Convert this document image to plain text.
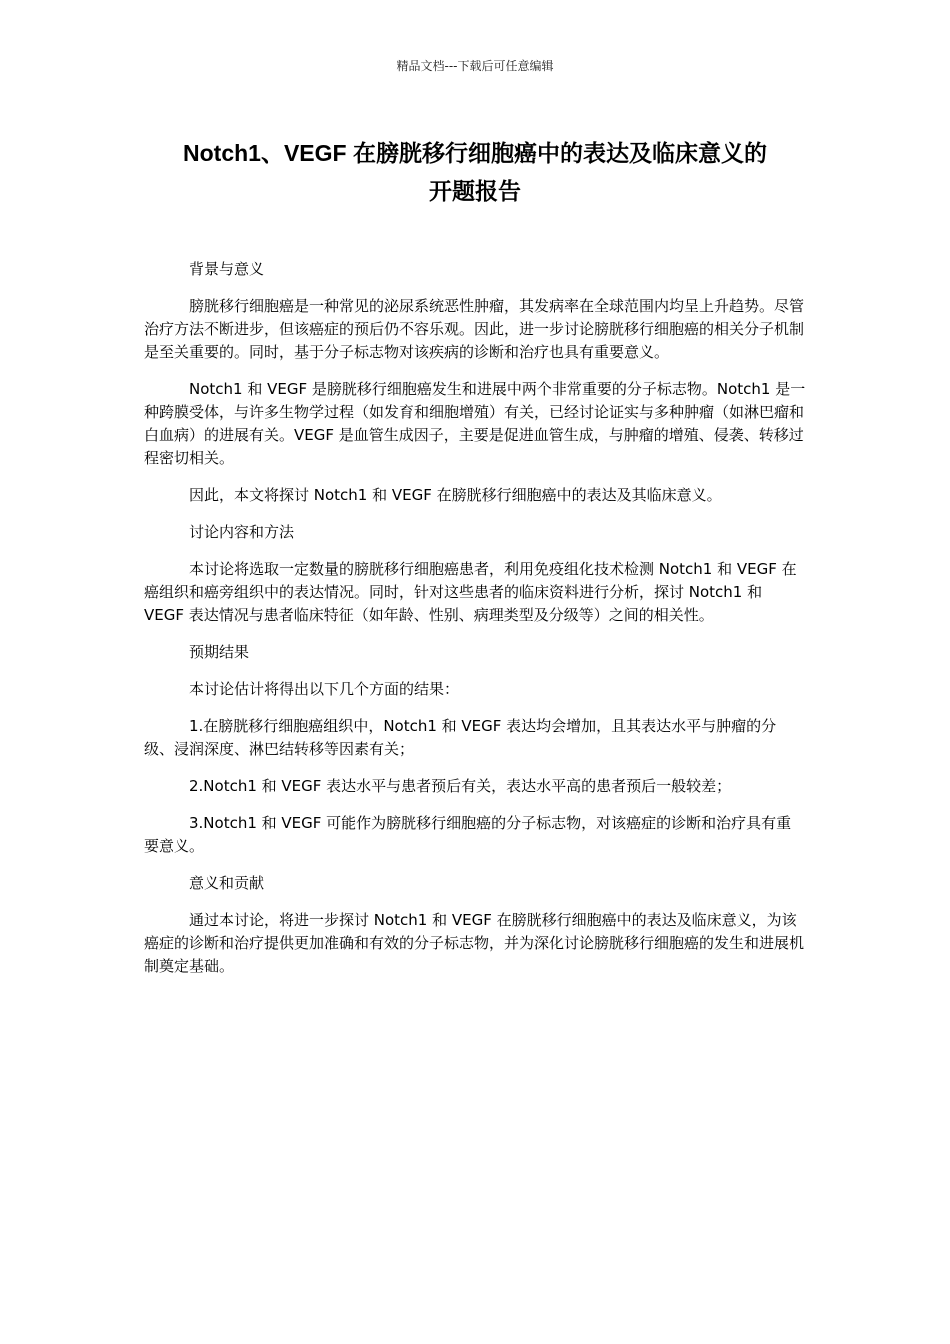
精品文档---下载后可任意编辑
Notch1、VEGF 在膀胱移行细胞癌中的表达及临床意义的
开题报告

背景与意义

膀胱移行细胞癌是一种常见的泌尿系统恶性肿瘤，其发病率在全球范围内均呈上升趋势。尽管治疗方法不断进步，但该癌症的预后仍不容乐观。因此，进一步讨论膀胱移行细胞癌的相关分子机制是至关重要的。同时，基于分子标志物对该疾病的诊断和治疗也具有重要意义。

Notch1 和 VEGF 是膀胱移行细胞癌发生和进展中两个非常重要的分子标志物。Notch1 是一种跨膜受体，与许多生物学过程（如发育和细胞增殖）有关，已经讨论证实与多种肿瘤（如淋巴瘤和白血病）的进展有关。VEGF 是血管生成因子，主要是促进血管生成，与肿瘤的增殖、侵袭、转移过程密切相关。

因此，本文将探讨 Notch1 和 VEGF 在膀胱移行细胞癌中的表达及其临床意义。

讨论内容和方法

本讨论将选取一定数量的膀胱移行细胞癌患者，利用免疫组化技术检测 Notch1 和 VEGF 在癌组织和癌旁组织中的表达情况。同时，针对这些患者的临床资料进行分析，探讨 Notch1 和 VEGF 表达情况与患者临床特征（如年龄、性别、病理类型及分级等）之间的相关性。

预期结果

本讨论估计将得出以下几个方面的结果：

1.在膀胱移行细胞癌组织中，Notch1 和 VEGF 表达均会增加，且其表达水平与肿瘤的分级、浸润深度、淋巴结转移等因素有关；

2.Notch1 和 VEGF 表达水平与患者预后有关，表达水平高的患者预后一般较差；

3.Notch1 和 VEGF 可能作为膀胱移行细胞癌的分子标志物，对该癌症的诊断和治疗具有重要意义。

意义和贡献

通过本讨论，将进一步探讨 Notch1 和 VEGF 在膀胱移行细胞癌中的表达及临床意义，为该癌症的诊断和治疗提供更加准确和有效的分子标志物，并为深化讨论膀胱移行细胞癌的发生和进展机制奠定基础。
